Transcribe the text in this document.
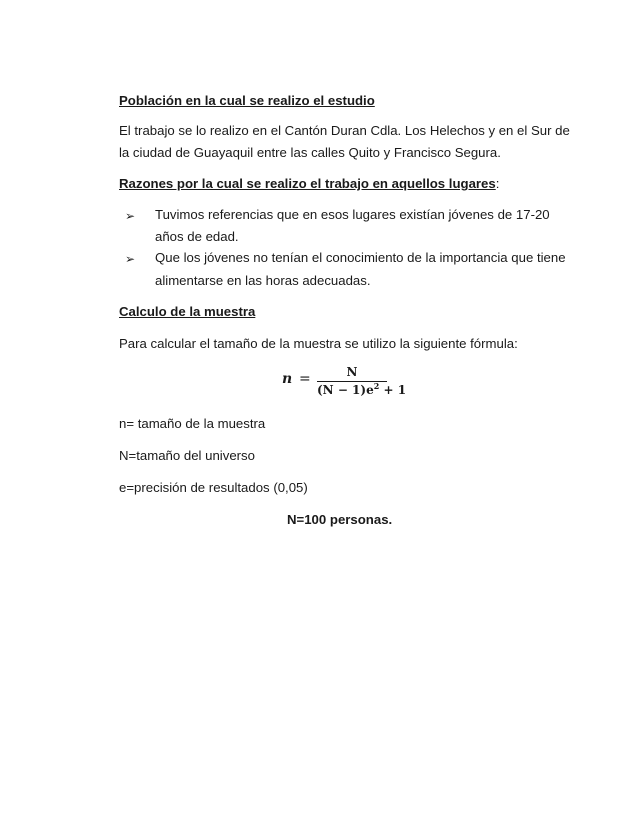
Población en la cual se realizo el estudio
El trabajo se lo realizo en el Cantón Duran Cdla. Los Helechos y en el Sur de
la ciudad de Guayaquil entre las calles Quito y Francisco Segura.
Razones por la cual se realizo el trabajo en aquellos lugares:
➢ Tuvimos referencias que en esos lugares existían jóvenes de 17-20
años de edad.
➢ Que los jóvenes no tenían el conocimiento de la importancia que tiene
alimentarse en las horas adecuadas.
Calculo de la muestra
Para calcular el tamaño de la muestra se utilizo la siguiente fórmula:
n =	N
$(N - 1)e^2 + 1$
n= tamaño de la muestra
N=tamaño del universo
e=precisión de resultados (0,05)
N=100 personas.
